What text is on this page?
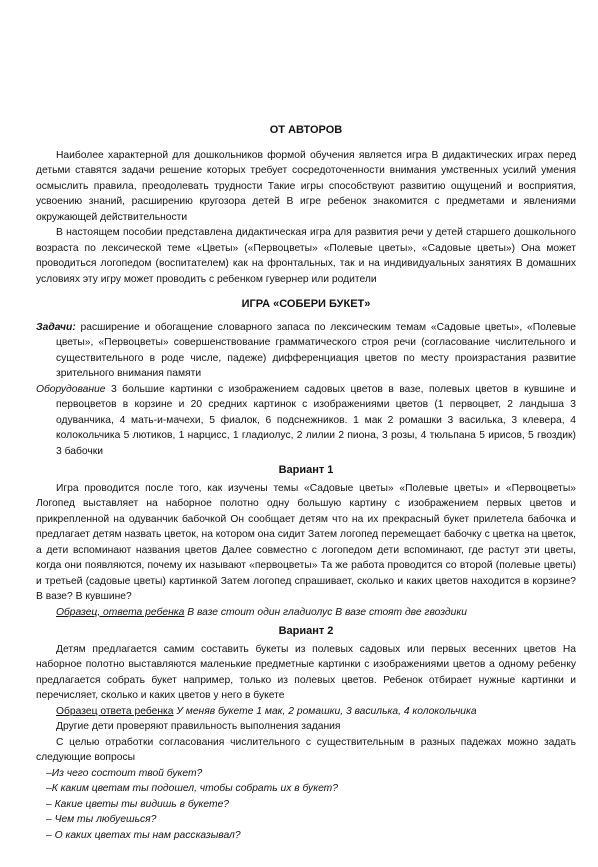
ОТ АВТОРОВ

Наиболее характерной для дошкольников формой обучения является игра В дидактических играх перед детьми ставятся задачи решение которых требует сосредоточенности внимания умственных усилий умения осмыслить правила, преодолевать трудности Такие игры способствуют развитию ощущений и восприятия, усвоению знаний, расширению кругозора детей В игре ребенок знакомится с предметами и явлениями окружающей действительности

В настоящем пособии представлена дидактическая игра для развития речи у детей старшего дошкольного возраста по лексической теме «Цветы» («Первоцветы» «Полевые цветы», «Садовые цветы») Она может проводиться логопедом (воспитателем) как на фронтальных, так и на индивидуальных занятиях В домашних условиях эту игру может проводить с ребенком гувернер или родители

ИГРА «СОБЕРИ БУКЕТ»

Задачи: расширение и обогащение словарного запаса по лексическим темам «Садовые цветы», «Полевые цветы», «Первоцветы» совершенствование грамматического строя речи (согласование числительного и существительного в роде числе, падеже) дифференциация цветов по месту произрастания развитие зрительного внимания памяти

Оборудование 3 большие картинки с изображением садовых цветов в вазе, полевых цветов в кувшине и первоцветов в корзине и 20 средних картинок с изображениями цветов (1 первоцвет, 2 ландыша 3 одуванчика, 4 мать-и-мачехи, 5 фиалок, 6 подснежников. 1 мак 2 ромашки 3 василька, 3 клевера, 4 колокольчика 5 лютиков, 1 нарцисс, 1 гладиолус, 2 лилии 2 пиона, 3 розы, 4 тюльпана 5 ирисов, 5 гвоздик) 3 бабочки

Вариант 1

Игра проводится после того, как изучены темы «Садовые цветы» «Полевые цветы» и «Первоцветы» Логопед выставляет на наборное полотно одну большую картину с изображением первых цветов и прикрепленной на одуванчик бабочкой Он сообщает детям что на их прекрасный букет прилетела бабочка и предлагает детям назвать цветок, на котором она сидит Затем логопед перемещает бабочку с цветка на цветок, а дети вспоминают названия цветов Далее совместно с логопедом дети вспоминают, где растут эти цветы, когда они появляются, почему их называют «первоцветы» Та же работа проводится со второй (полевые цветы) и третьей (садовые цветы) картинкой Затем логопед спрашивает, сколько и каких цветов находится в корзине? В вазе? В кувшине?

Образец, ответа ребенка В вазе стоит один гладиолус В вазе стоят две гвоздики

Вариант 2

Детям предлагается самим составить букеты из полевых садовых или первых весенних цветов На наборное полотно выставляются маленькие предметные картинки с изображениями цветов а одному ребенку предлагается собрать букет например, только из полевых цветов. Ребенок отбирает нужные картинки и перечисляет, сколько и каких цветов у него в букете

Образец ответа ребенка У меняв букете 1 мак, 2 ромашки, 3 василька, 4 колокольчика

Другие дети проверяют правильность выполнения задания

С целью отработки согласования числительного с существительным в разных падежах можно задать следующие вопросы

–Из чего состоит твой букет?
–К каким цветам ты подошел, чтобы собрать их в букет?
– Какие цветы ты видишь в букете?
– Чем ты любуешься?
– О каких цветах ты нам рассказывал?
